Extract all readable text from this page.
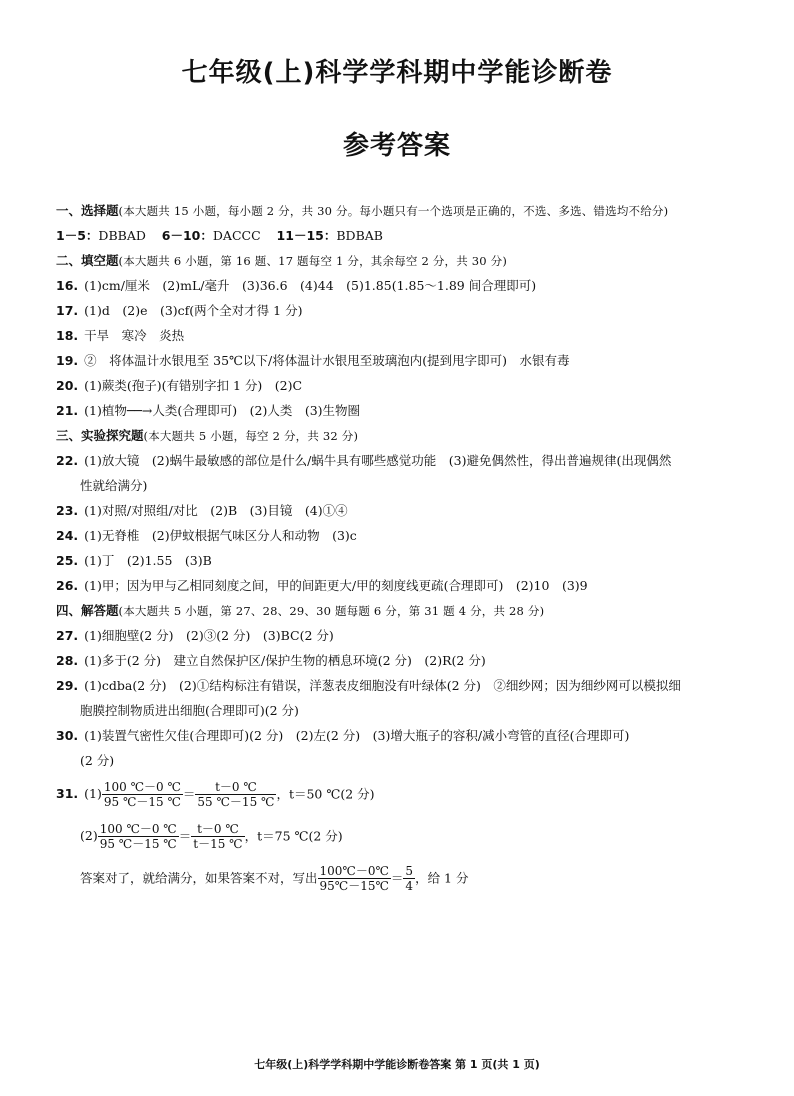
七年级(上)科学学科期中学能诊断卷
参考答案
一、选择题(本大题共 15 小题，每小题 2 分，共 30 分。每小题只有一个选项是正确的，不选、多选、错选均不给分)
1－5：DBBAD 6－10：DACCC 11－15：BDBAB
二、填空题(本大题共 6 小题，第 16 题、17 题每空 1 分，其余每空 2 分，共 30 分)
16. (1)cm/厘米　(2)mL/毫升　(3)36.6　(4)44　(5)1.85(1.85～1.89 间合理即可)
17. (1)d　(2)e　(3)cf(两个全对才得 1 分)
18. 干旱　寒冷　炎热
19. ②　将体温计水银甩至 35℃以下/将体温计水银甩至玻璃泡内(提到甩字即可)　水银有毒
20. (1)蕨类(孢子)(有错别字扣 1 分)　(2)C
21. (1)植物──→人类(合理即可)　(2)人类　(3)生物圈
三、实验探究题(本大题共 5 小题，每空 2 分，共 32 分)
22. (1)放大镜　(2)蜗牛最敏感的部位是什么/蜗牛具有哪些感觉功能　(3)避免偶然性，得出普遍规律(出现偶然
性就给满分)
23. (1)对照/对照组/对比　(2)B　(3)目镜　(4)①④
24. (1)无脊椎　(2)伊蚊根据气味区分人和动物　(3)c
25. (1)丁　(2)1.55　(3)B
26. (1)甲；因为甲与乙相同刻度之间，甲的间距更大/甲的刻度线更疏(合理即可)　(2)10　(3)9
四、解答题(本大题共 5 小题，第 27、28、29、30 题每题 6 分，第 31 题 4 分，共 28 分)
27. (1)细胞壁(2 分)　(2)③(2 分)　(3)BC(2 分)
28. (1)多于(2 分)　建立自然保护区/保护生物的栖息环境(2 分)　(2)R(2 分)
29. (1)cdba(2 分)　(2)①结构标注有错误，洋葱表皮细胞没有叶绿体(2 分)　②细纱网；因为细纱网可以模拟细
胞膜控制物质进出细胞(合理即可)(2 分)
30. (1)装置气密性欠佳(合理即可)(2 分)　(2)左(2 分)　(3)增大瓶子的容积/减小弯管的直径(合理即可)
(2 分)
31. $(1) \frac{100 ℃-0 ℃}{95 ℃-15 ℃} = \frac{t-0 ℃}{55 ℃-15 ℃}$ ，t＝50 ℃(2 分)
$(2) \frac{100 ℃-0 ℃}{95 ℃-15 ℃} = \frac{t-0 ℃}{t-15 ℃}$ ，t＝75 ℃(2 分)
答案对了，就给满分，如果答案不对，写出 $\frac{100℃-0℃}{95℃-15℃} = \frac{5}{4}$ ，给 1 分
七年级(上)科学学科期中学能诊断卷答案 第 1 页(共 1 页)
